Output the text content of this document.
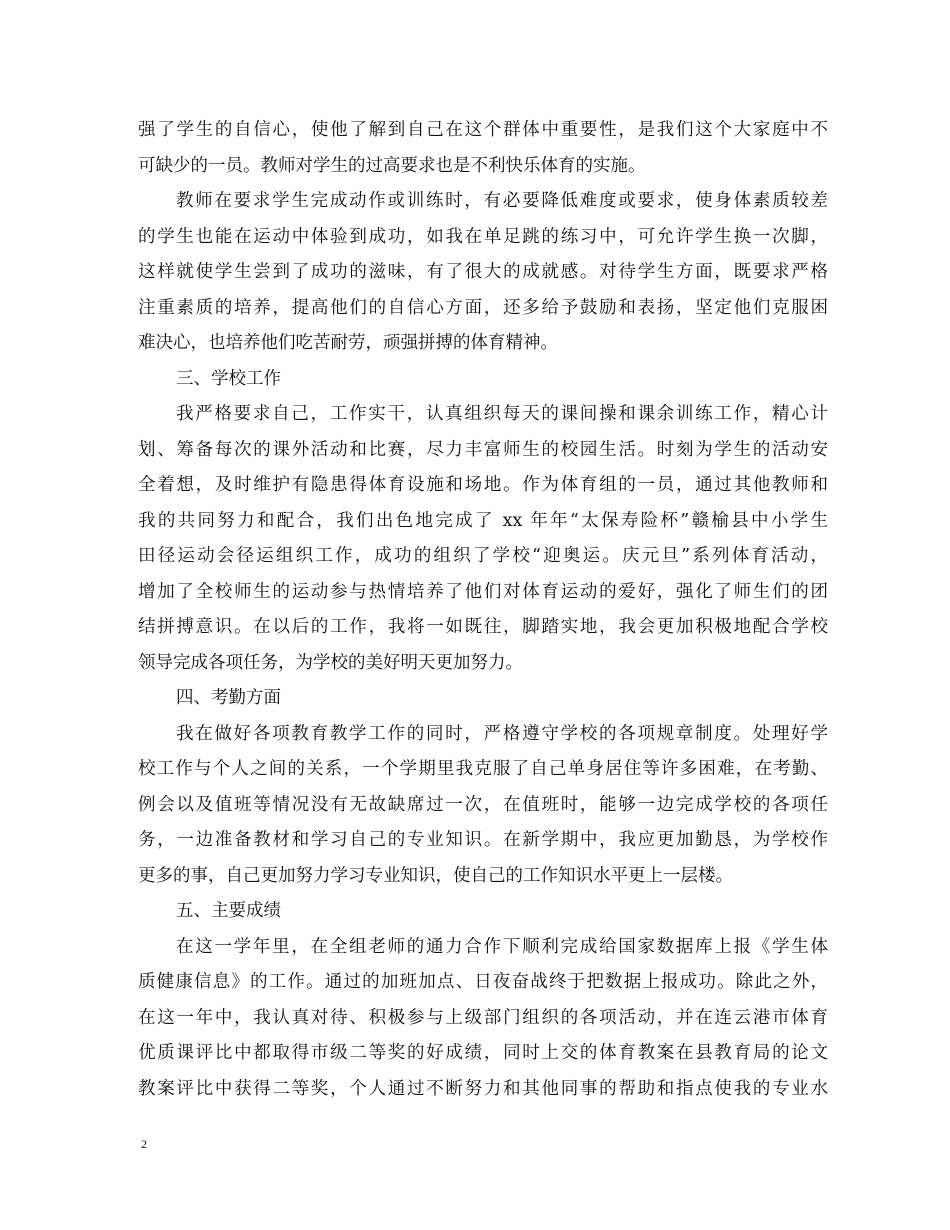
强了学生的自信心，使他了解到自己在这个群体中重要性，是我们这个大家庭中不
可缺少的一员。教师对学生的过高要求也是不利快乐体育的实施。
教师在要求学生完成动作或训练时，有必要降低难度或要求，使身体素质较差
的学生也能在运动中体验到成功，如我在单足跳的练习中，可允许学生换一次脚，
这样就使学生尝到了成功的滋味，有了很大的成就感。对待学生方面，既要求严格
注重素质的培养，提高他们的自信心方面，还多给予鼓励和表扬，坚定他们克服困
难决心，也培养他们吃苦耐劳，顽强拼搏的体育精神。
三、学校工作
我严格要求自己，工作实干，认真组织每天的课间操和课余训练工作，精心计
划、筹备每次的课外活动和比赛，尽力丰富师生的校园生活。时刻为学生的活动安
全着想，及时维护有隐患得体育设施和场地。作为体育组的一员，通过其他教师和
我的共同努力和配合，我们出色地完成了 xx 年年“太保寿险杯”赣榆县中小学生
田径运动会径运组织工作，成功的组织了学校“迎奥运。庆元旦”系列体育活动，
增加了全校师生的运动参与热情培养了他们对体育运动的爱好，强化了师生们的团
结拼搏意识。在以后的工作，我将一如既往，脚踏实地，我会更加积极地配合学校
领导完成各项任务，为学校的美好明天更加努力。
四、考勤方面
我在做好各项教育教学工作的同时，严格遵守学校的各项规章制度。处理好学
校工作与个人之间的关系，一个学期里我克服了自己单身居住等许多困难，在考勤、
例会以及值班等情况没有无故缺席过一次，在值班时，能够一边完成学校的各项任
务，一边准备教材和学习自己的专业知识。在新学期中，我应更加勤恳，为学校作
更多的事，自己更加努力学习专业知识，使自己的工作知识水平更上一层楼。
五、主要成绩
在这一学年里，在全组老师的通力合作下顺利完成给国家数据库上报《学生体
质健康信息》的工作。通过的加班加点、日夜奋战终于把数据上报成功。除此之外，
在这一年中，我认真对待、积极参与上级部门组织的各项活动，并在连云港市体育
优质课评比中都取得市级二等奖的好成绩，同时上交的体育教案在县教育局的论文
教案评比中获得二等奖，个人通过不断努力和其他同事的帮助和指点使我的专业水
2
